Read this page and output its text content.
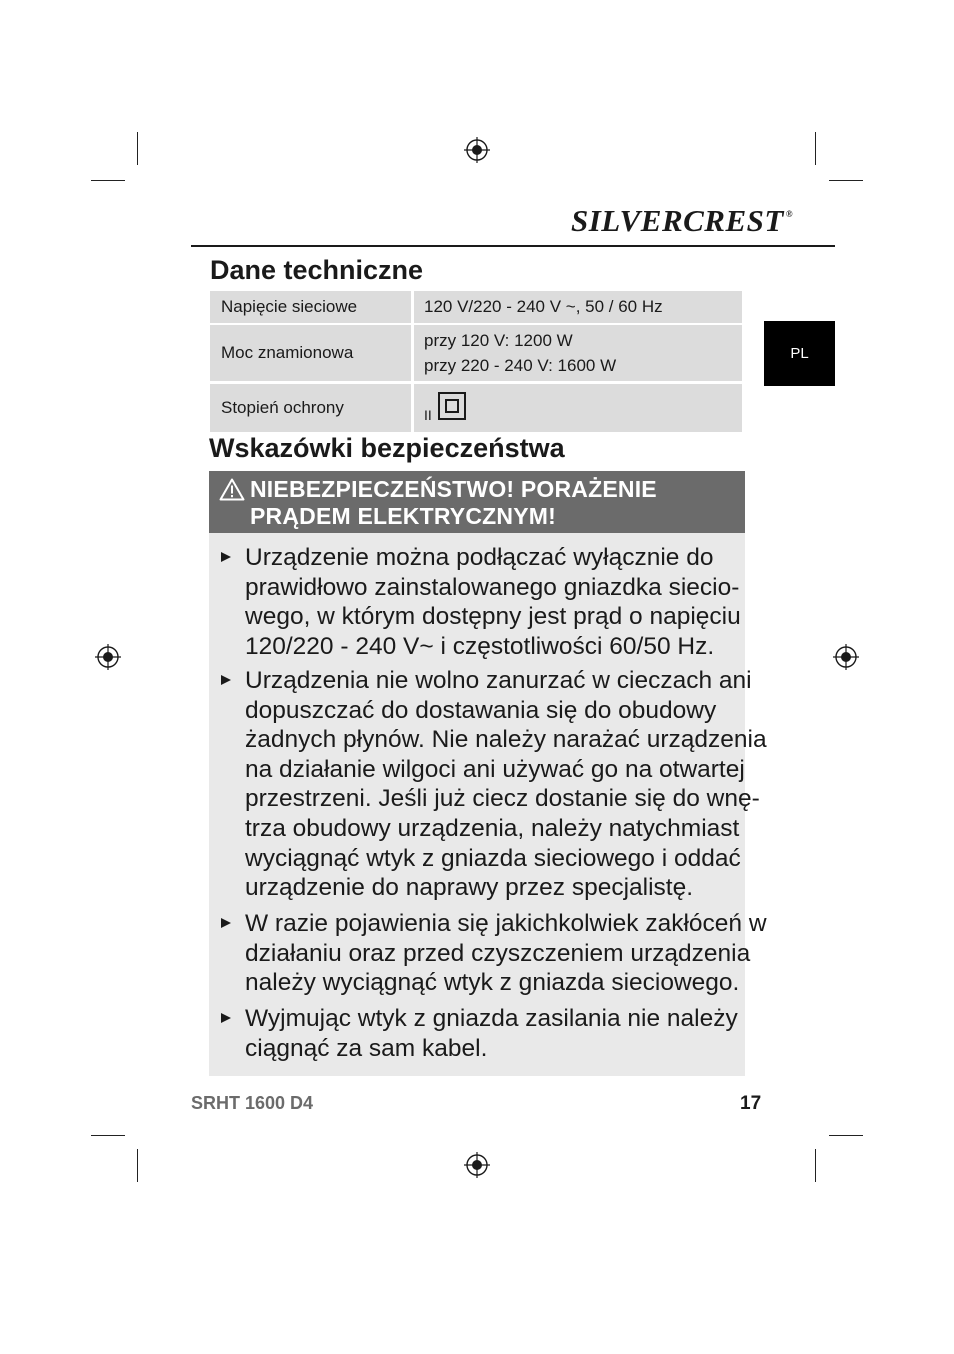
SILVERCREST ®
PL
Dane techniczne
Napięcie sieciowe	120 V/220 - 240 V ~, 50 / 60 Hz
Moc znamionowa
przy 120 V: 1200 W
przy 220 - 240 V: 1600 W
Stopień ochrony	II
Wskazówki bezpieczeństwa
NIEBEZPIECZEŃSTWO! PORAŻENIE
PRĄDEM ELEKTRYCZNYM!
Urządzenie można podłączać wyłącznie do
prawidłowo zainstalowanego gniazdka siecio-
wego, w którym dostępny jest prąd o napięciu
120/220 - 240 V~ i częstotliwości 60/50 Hz.
Urządzenia nie wolno zanurzać w cieczach ani
dopuszczać do dostawania się do obudowy
żadnych płynów. Nie należy narażać urządzenia
na działanie wilgoci ani używać go na otwartej
przestrzeni. Jeśli już ciecz dostanie się do wnę-
trza obudowy urządzenia, należy natychmiast
wyciągnąć wtyk z gniazda sieciowego i oddać
urządzenie do naprawy przez specjalistę.
W razie pojawienia się jakichkolwiek zakłóceń w
działaniu oraz przed czyszczeniem urządzenia
należy wyciągnąć wtyk z gniazda sieciowego.
Wyjmując wtyk z gniazda zasilania nie należy
ciągnąć za sam kabel.
SRHT 1600 D4	17
